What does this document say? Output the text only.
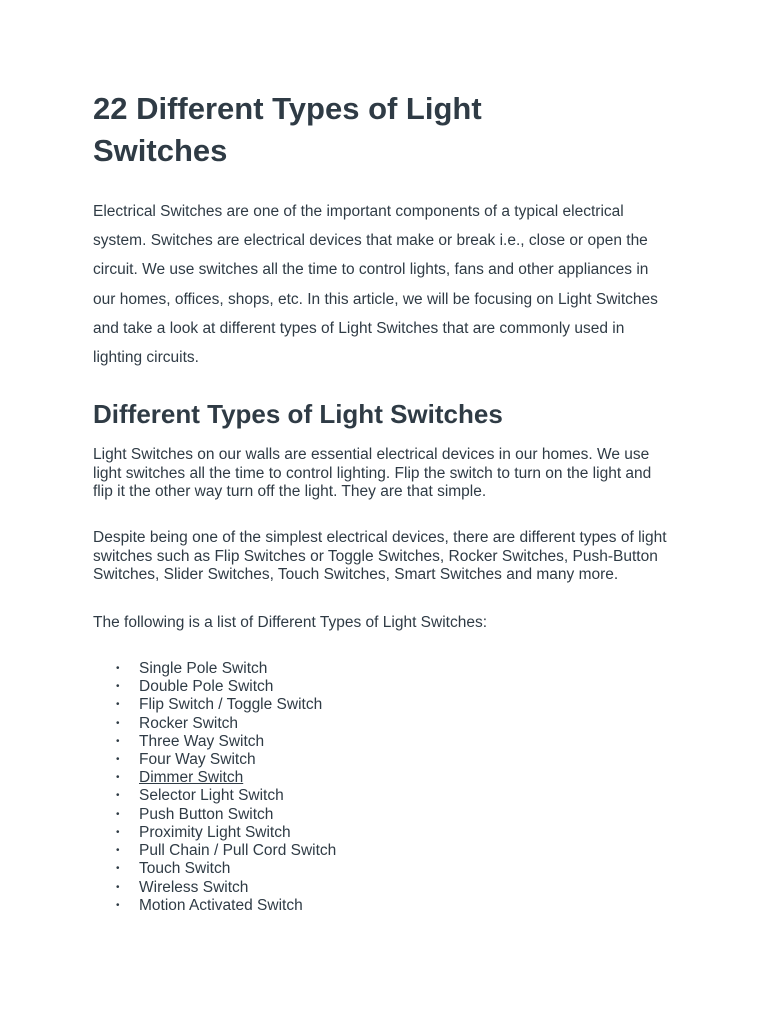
22 Different Types of Light Switches

Electrical Switches are one of the important components of a typical electrical system. Switches are electrical devices that make or break i.e., close or open the circuit. We use switches all the time to control lights, fans and other appliances in our homes, offices, shops, etc. In this article, we will be focusing on Light Switches and take a look at different types of Light Switches that are commonly used in lighting circuits.

Different Types of Light Switches

Light Switches on our walls are essential electrical devices in our homes. We use light switches all the time to control lighting. Flip the switch to turn on the light and flip it the other way turn off the light. They are that simple.

Despite being one of the simplest electrical devices, there are different types of light switches such as Flip Switches or Toggle Switches, Rocker Switches, Push-Button Switches, Slider Switches, Touch Switches, Smart Switches and many more.

The following is a list of Different Types of Light Switches:

• Single Pole Switch
• Double Pole Switch
• Flip Switch / Toggle Switch
• Rocker Switch
• Three Way Switch
• Four Way Switch
• Dimmer Switch
• Selector Light Switch
• Push Button Switch
• Proximity Light Switch
• Pull Chain / Pull Cord Switch
• Touch Switch
• Wireless Switch
• Motion Activated Switch
